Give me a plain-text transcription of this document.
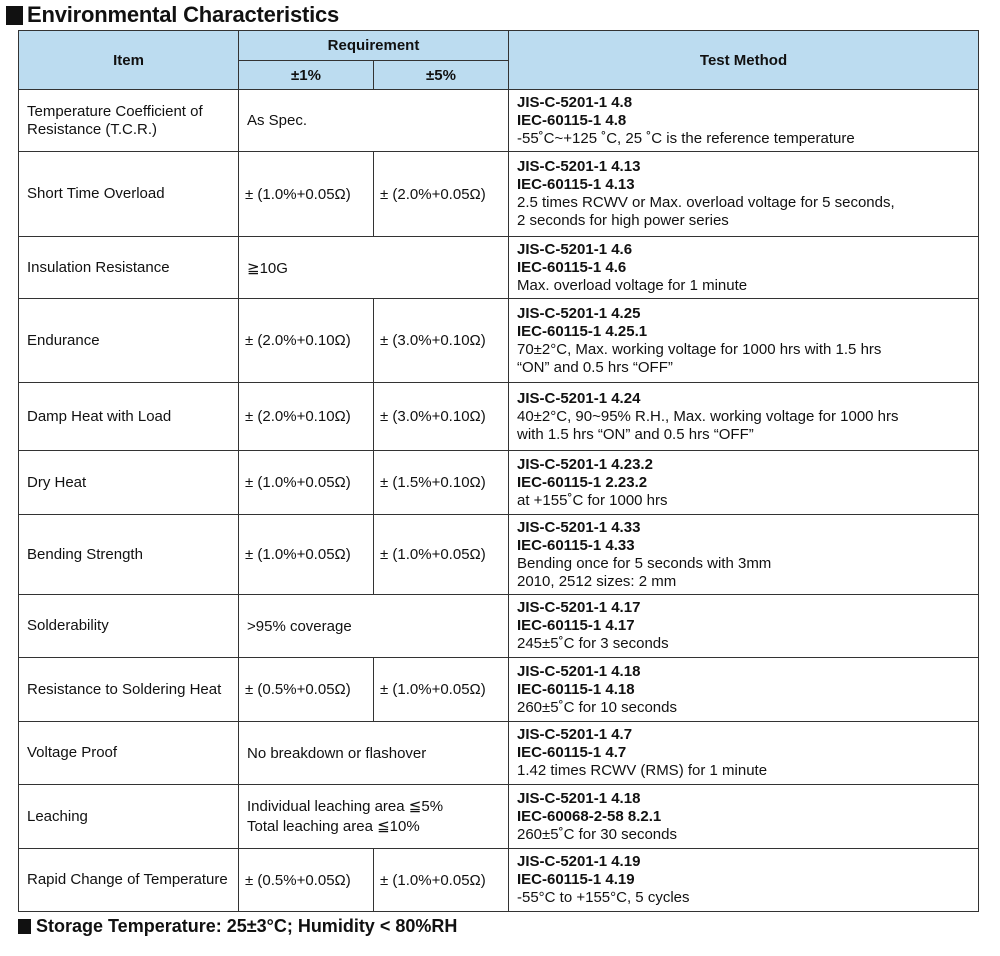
Environmental Characteristics
Item	Requirement		Test Method
	±1%	±5%	
Temperature Coefficient of Resistance (T.C.R.)	As Spec.		JIS-C-5201-1 4.8
IEC-60115-1 4.8
-55˚C~+125 ˚C, 25 ˚C is the reference temperature

Short Time Overload	± (1.0%+0.05Ω)	± (2.0%+0.05Ω)	JIS-C-5201-1 4.13
IEC-60115-1 4.13
2.5 times RCWV or Max. overload voltage for 5 seconds,
2 seconds for high power series

Insulation Resistance	≧10G		JIS-C-5201-1 4.6
IEC-60115-1 4.6
Max. overload voltage for 1 minute

Endurance	± (2.0%+0.10Ω)	± (3.0%+0.10Ω)	JIS-C-5201-1 4.25
IEC-60115-1 4.25.1
70±2°C, Max. working voltage for 1000 hrs with 1.5 hrs
“ON” and 0.5 hrs “OFF”

Damp Heat with Load	± (2.0%+0.10Ω)	± (3.0%+0.10Ω)	JIS-C-5201-1 4.24
40±2°C, 90~95% R.H., Max. working voltage for 1000 hrs
with 1.5 hrs “ON” and 0.5 hrs “OFF”

Dry Heat	± (1.0%+0.05Ω)	± (1.5%+0.10Ω)	JIS-C-5201-1 4.23.2
IEC-60115-1 2.23.2
at +155˚C for 1000 hrs

Bending Strength	± (1.0%+0.05Ω)	± (1.0%+0.05Ω)	JIS-C-5201-1 4.33
IEC-60115-1 4.33
Bending once for 5 seconds with 3mm
2010, 2512 sizes: 2 mm

Solderability	>95% coverage		JIS-C-5201-1 4.17
IEC-60115-1 4.17
245±5˚C for 3 seconds

Resistance to Soldering Heat	± (0.5%+0.05Ω)	± (1.0%+0.05Ω)	JIS-C-5201-1 4.18
IEC-60115-1 4.18
260±5˚C for 10 seconds

Voltage Proof	No breakdown or flashover		JIS-C-5201-1 4.7
IEC-60115-1 4.7
1.42 times RCWV (RMS) for 1 minute

Leaching	Individual leaching area ≦5%
Total leaching area ≦10%		JIS-C-5201-1 4.18
IEC-60068-2-58 8.2.1
260±5˚C for 30 seconds

Rapid Change of Temperature	± (0.5%+0.05Ω)	± (1.0%+0.05Ω)	JIS-C-5201-1 4.19
IEC-60115-1 4.19
-55°C to +155°C, 5 cycles
Storage Temperature: 25±3°C; Humidity < 80%RH
